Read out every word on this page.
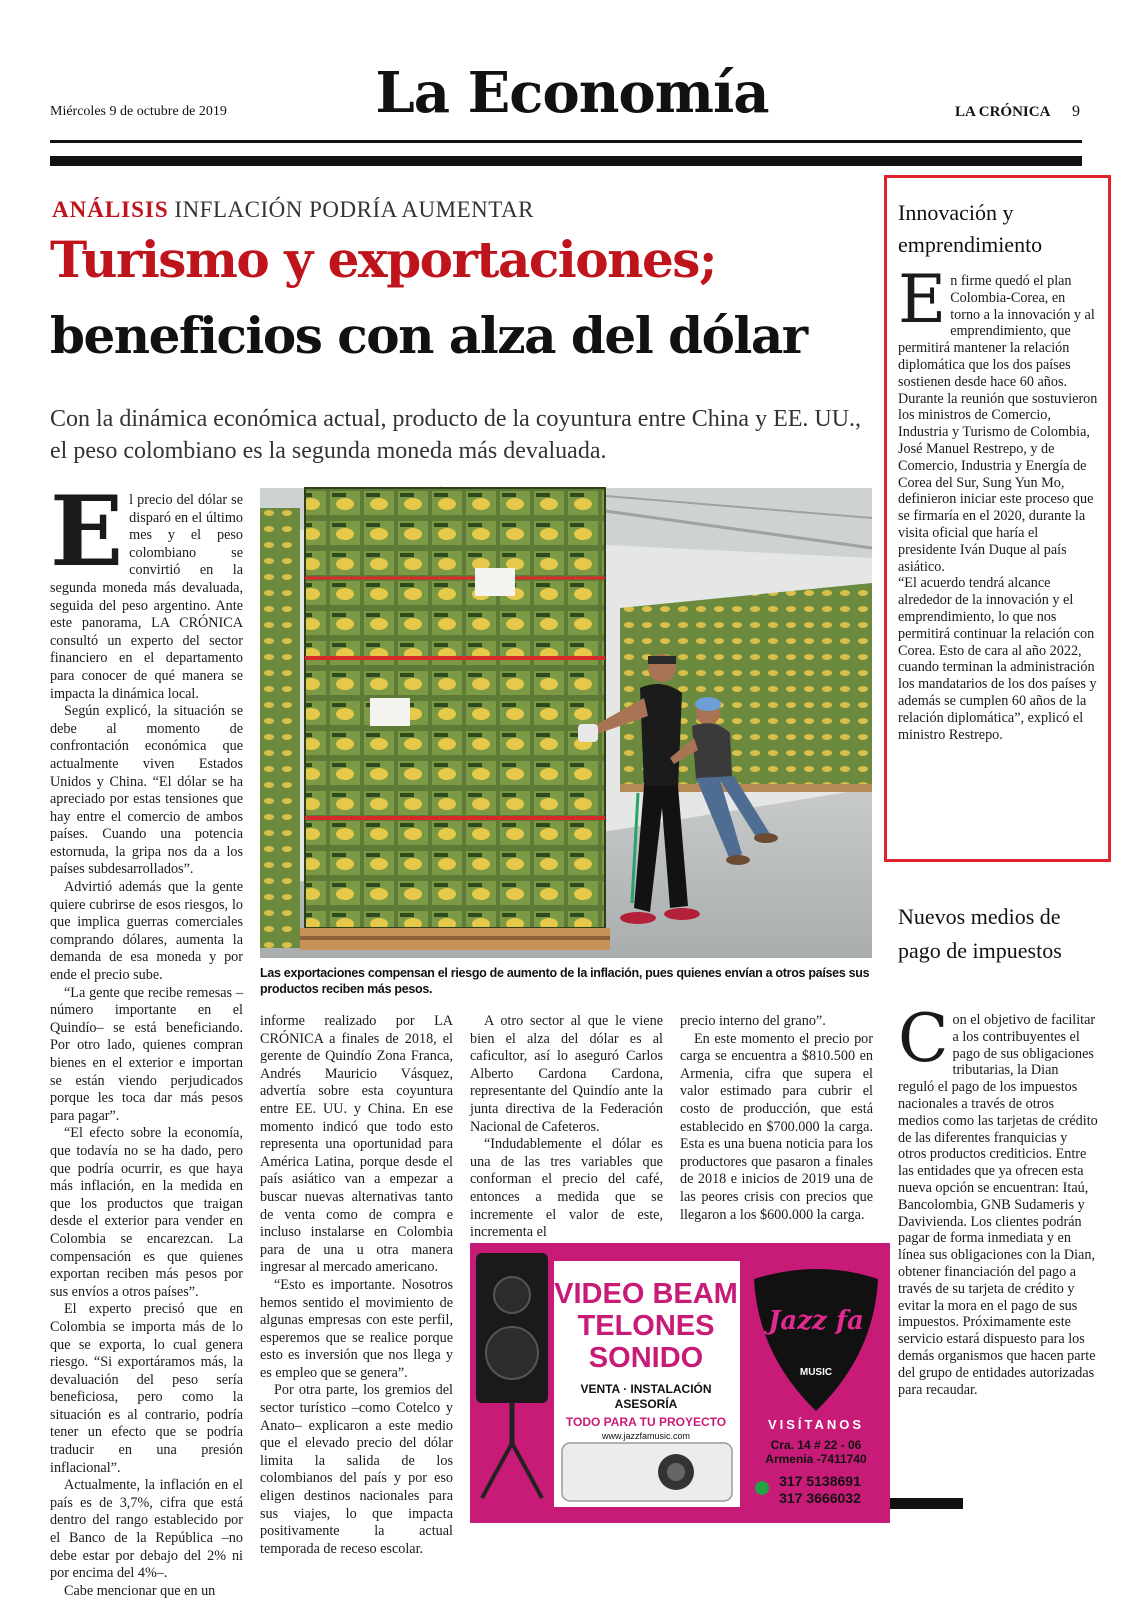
Miércoles 9 de octubre de 2019	La Economía	LA CRÓNICA 9
ANÁLISIS INFLACIÓN PODRÍA AUMENTAR
Turismo y exportaciones;
beneficios con alza del dólar
Con la dinámica económica actual, producto de la coyuntura entre China y EE. UU., el peso colombiano es la segunda moneda más devaluada.
E l precio del dólar se disparó en el último mes y el peso colombiano se convirtió en la segunda moneda más devaluada, seguida del peso argentino. Ante este panorama, LA CRÓNICA consultó un experto del sector financiero en el departamento para conocer de qué manera se impacta la dinámica local.

Según explicó, la situación se debe al momento de confrontación económica que actualmente viven Estados Unidos y China. “El dólar se ha apreciado por estas tensiones que hay entre el comercio de ambos países. Cuando una potencia estornuda, la gripa nos da a los países subdesarrollados”.

Advirtió además que la gente quiere cubrirse de esos riesgos, lo que implica guerras comerciales comprando dólares, aumenta la demanda de esa moneda y por ende el precio sube.

“La gente que recibe remesas –número importante en el Quindío– se está beneficiando. Por otro lado, quienes compran bienes en el exterior e importan se están viendo perjudicados porque les toca dar más pesos para pagar”.

“El efecto sobre la economía, que todavía no se ha dado, pero que podría ocurrir, es que haya más inflación, en la medida en que los productos que traigan desde el exterior para vender en Colombia se encarezcan. La compensación es que quienes exportan reciben más pesos por sus envíos a otros países”.

El experto precisó que en Colombia se importa más de lo que se exporta, lo cual genera riesgo. “Si exportáramos más, la devaluación del peso sería beneficiosa, pero como la situación es al contrario, podría tener un efecto que se podría traducir en una presión inflacional”.

Actualmente, la inflación en el país es de 3,7%, cifra que está dentro del rango establecido por el Banco de la República –no debe estar por debajo del 2% ni por encima del 4%–.

Cabe mencionar que en un

Las exportaciones compensan el riesgo de aumento de la inflación, pues quienes envían a otros países sus productos reciben más pesos.

informe realizado por LA CRÓNICA a finales de 2018, el gerente de Quindío Zona Franca, Andrés Mauricio Vásquez, advertía sobre esta coyuntura entre EE. UU. y China. En ese momento indicó que todo esto representa una oportunidad para América Latina, porque desde el país asiático van a empezar a buscar nuevas alternativas tanto de venta como de compra e incluso instalarse en Colombia para de una u otra manera ingresar al mercado americano.

“Esto es importante. Nosotros hemos sentido el movimiento de algunas empresas con este perfil, esperemos que se realice porque esto es inversión que nos llega y es empleo que se genera”.

Por otra parte, los gremios del sector turístico –como Cotelco y Anato– explicaron a este medio que el elevado precio del dólar limita la salida de los colombianos del país y por eso eligen destinos nacionales para sus viajes, lo que impacta positivamente la actual temporada de receso escolar.

A otro sector al que le viene bien el alza del dólar es al caficultor, así lo aseguró Carlos Alberto Cardona Cardona, representante del Quindío ante la junta directiva de la Federación Nacional de Cafeteros.

“Indudablemente el dólar es una de las tres variables que conforman el precio del café, entonces a medida que se incremente el valor de este, incrementa el

precio interno del grano”.

En este momento el precio por carga se encuentra a $810.500 en Armenia, cifra que supera el valor estimado para cubrir el costo de producción, que está establecido en $700.000 la carga. Esta es una buena noticia para los productores que pasaron a finales de 2018 e inicios de 2019 una de las peores crisis con precios que llegaron a los $600.000 la carga.

VIDEO BEAM
TELONES
SONIDO
VENTA · INSTALACIÓN
ASESORÍA
TODO PARA TU PROYECTO
www.jazzfamusic.com
Jazz fa
MUSIC
VISÍTANOS
Cra. 14 # 22 - 06
Armenia -7411740
317 5138691
317 3666032
Innovación y emprendimiento
E n firme quedó el plan Colombia-Corea, en torno a la innovación y al emprendimiento, que permitirá mantener la relación diplomática que los dos países sostienen desde hace 60 años. Durante la reunión que sostuvieron los ministros de Comercio, Industria y Turismo de Colombia, José Manuel Restrepo, y de Comercio, Industria y Energía de Corea del Sur, Sung Yun Mo, definieron iniciar este proceso que se firmaría en el 2020, durante la visita oficial que haría el presidente Iván Duque al país asiático.

“El acuerdo tendrá alcance alrededor de la innovación y el emprendimiento, lo que nos permitirá continuar la relación con Corea. Esto de cara al año 2022, cuando terminan la administración los mandatarios de los dos países y además se cumplen 60 años de la relación diplomática”, explicó el ministro Restrepo.

Nuevos medios de pago de impuestos
C on el objetivo de facilitar a los contribuyentes el pago de sus obligaciones tributarias, la Dian reguló el pago de los impuestos nacionales a través de otros medios como las tarjetas de crédito de las diferentes franquicias y otros productos crediticios. Entre las entidades que ya ofrecen esta nueva opción se encuentran: Itaú, Bancolombia, GNB Sudameris y Davivienda. Los clientes podrán pagar de forma inmediata y en línea sus obligaciones con la Dian, obtener financiación del pago a través de su tarjeta de crédito y evitar la mora en el pago de sus impuestos. Próximamente este servicio estará dispuesto para los demás organismos que hacen parte del grupo de entidades autorizadas para recaudar.
